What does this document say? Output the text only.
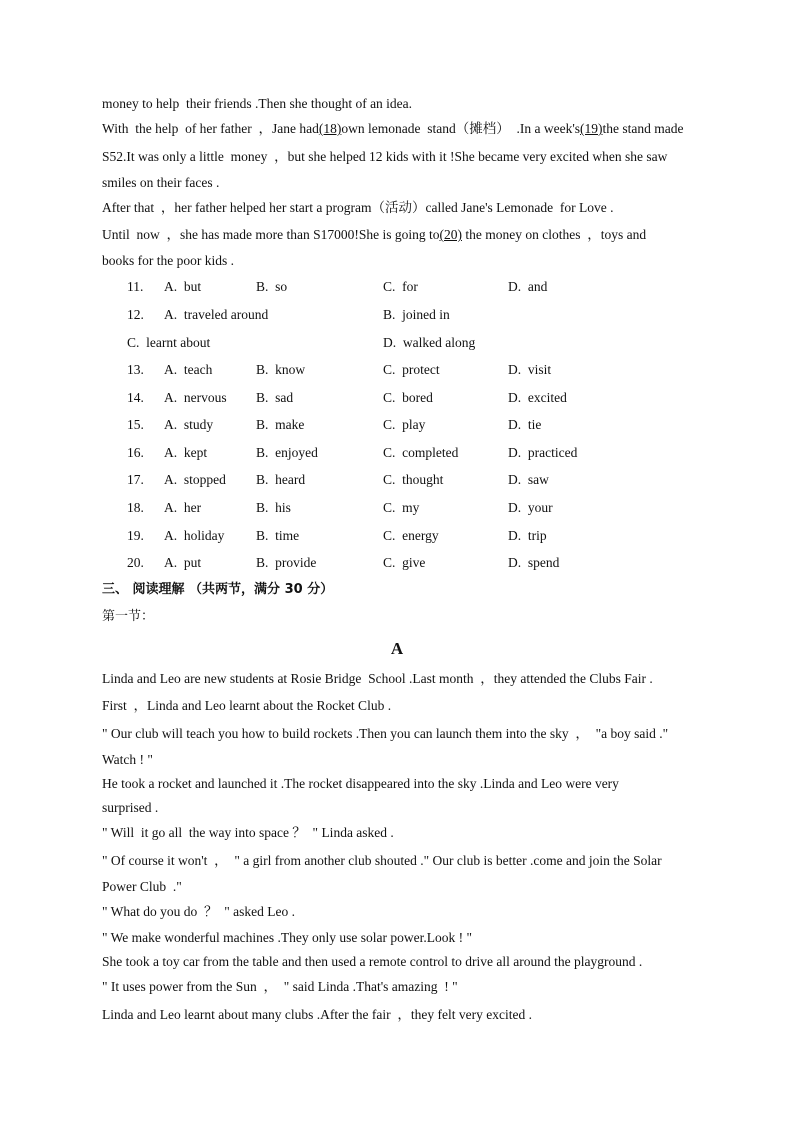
money to help  their friends .Then she thought of an idea.
With  the help  of her father  ，Jane had(18)own lemonade  stand（摊档）  .In a week's(19)the stand made
S52.It was only a little  money  ，but she helped 12 kids with it !She became very excited when she saw
smiles on their faces .
After that  ，her father helped her start a program（活动）called Jane's Lemonade  for Love .
Until  now  ，she has made more than S17000!She is going to(20) the money on clothes  ，toys and
books for the poor kids .
11. A.  but	B.  so	C.  for	D.  and
12. A.  traveled around	B.  joined in
C.  learnt about	D.  walked along
13. A.  teach	B.  know	C.  protect	D.  visit
14. A.  nervous B.  sad	C.  bored	D.  excited
15. A.  study	B.  make	C.  play	D.  tie
16. A.  kept	B.  enjoyed	C.  completed	D.  practiced
17. A.  stopped B.  heard	C.  thought	D.  saw
18. A.  her	B.  his	C.  my	D.  your
19. A.  holiday B.  time	C.  energy	D.  trip
20. A.  put	B.  provide	C.  give	D.  spend
三、 阅读理解 （共两节，满分 30 分）
第一节：
A
Linda and Leo are new students at Rosie Bridge  School .Last month  ，they attended the Clubs Fair .
First  ，Linda and Leo learnt about the Rocket Club .
" Our club will teach you how to build rockets .Then you can launch them into the sky  ，  "a boy said ."
Watch ! "
He took a rocket and launched it .The rocket disappeared into the sky .Linda and Leo were very
surprised .
" Will  it go all  the way into space ？  " Linda asked .
" Of course it won't  ，  " a girl from another club shouted ." Our club is better .come and join the Solar
Power Club  ."
" What do you do  ？  " asked Leo .
" We make wonderful machines .They only use solar power.Look ! "
She took a toy car from the table and then used a remote control to drive all around the playground .
" It uses power from the Sun  ，  " said Linda .That's amazing  ! "
Linda and Leo learnt about many clubs .After the fair  ，they felt very excited .
